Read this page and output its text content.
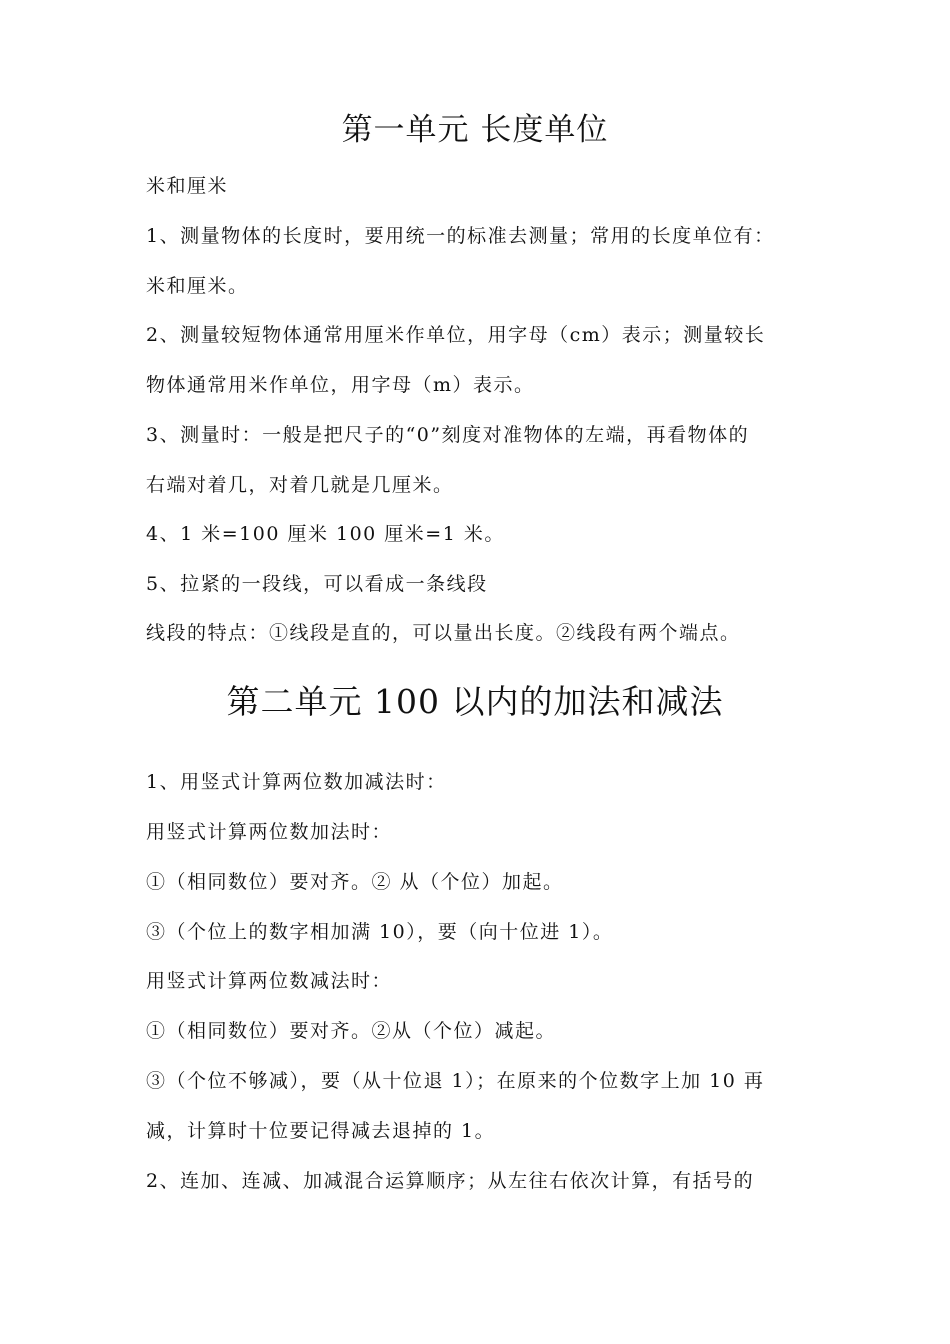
第一单元 长度单位
米和厘米
1、测量物体的长度时，要用统一的标准去测量；常用的长度单位有：
米和厘米。
2、测量较短物体通常用厘米作单位，用字母（cm）表示；测量较长
物体通常用米作单位，用字母（m）表示。
3、测量时：一般是把尺子的“0”刻度对准物体的左端，再看物体的
右端对着几，对着几就是几厘米。
4、1 米=100 厘米 100 厘米=1 米。
5、拉紧的一段线，可以看成一条线段
线段的特点：①线段是直的，可以量出长度。②线段有两个端点。
第二单元 100 以内的加法和减法
1、用竖式计算两位数加减法时：
用竖式计算两位数加法时：
①（相同数位）要对齐。② 从（个位）加起。
③（个位上的数字相加满 10），要（向十位进 1）。
用竖式计算两位数减法时：
①（相同数位）要对齐。②从（个位）减起。
③（个位不够减），要（从十位退 1）；在原来的个位数字上加 10 再
减，计算时十位要记得减去退掉的 1。
2、连加、连减、加减混合运算顺序；从左往右依次计算，有括号的
